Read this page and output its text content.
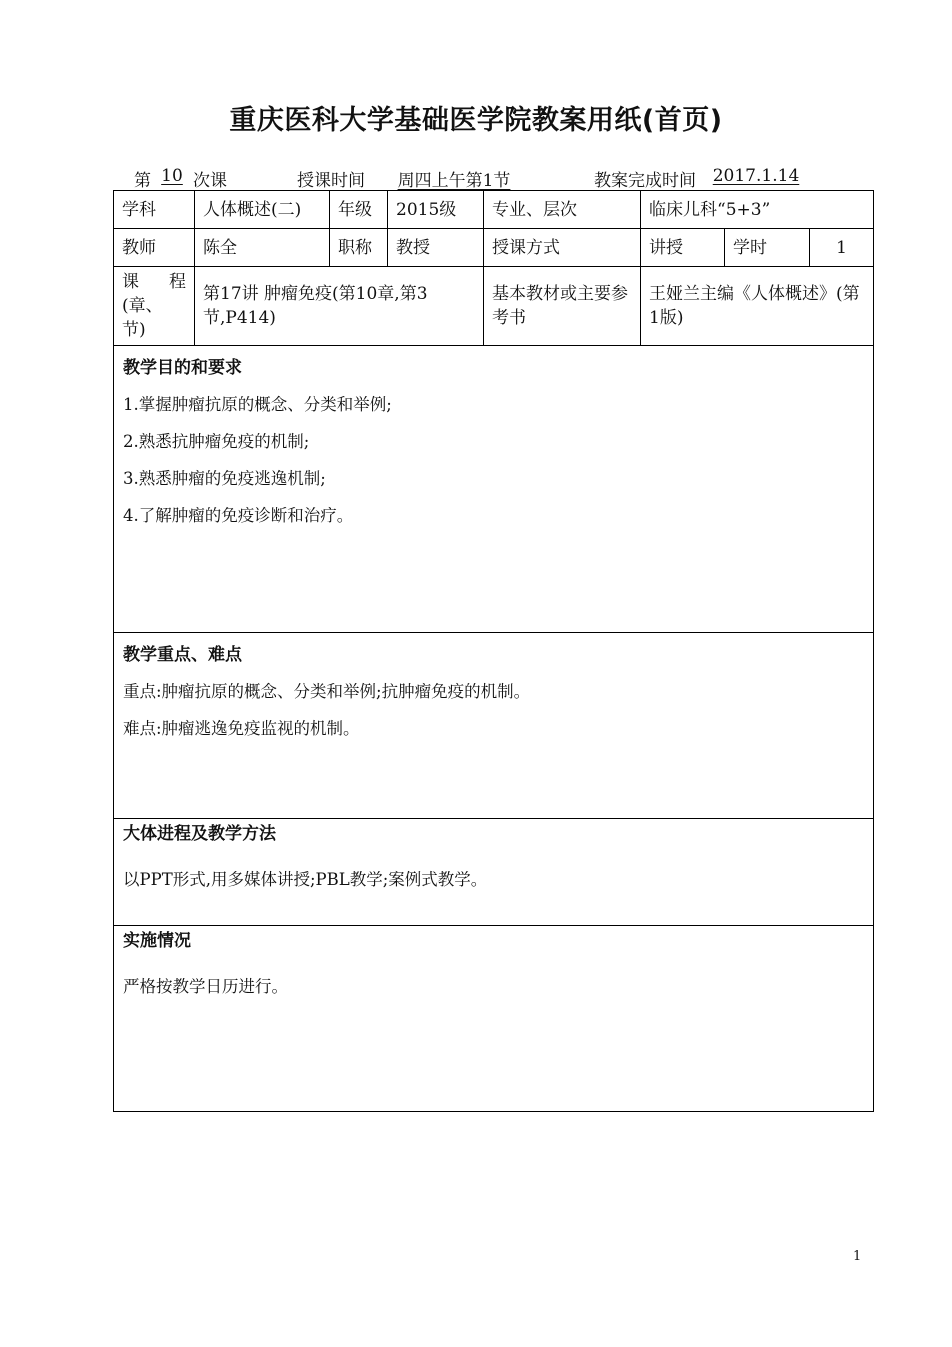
重庆医科大学基础医学院教案用纸(首页)
第 10 次课	授课时间	周四上午第1节	教案完成时间 2017.1.14
学科	人体概述(二)	年级	2015级	专业、层次	临床儿科“5+3”		
教师	陈全	职称	教授	授课方式	讲授	学时	1

课 程
(章、节)	第17讲 肿瘤免疫(第10章,第3节,P414)			基本教材或主要参考书	王娅兰主编《人体概述》(第1版)		

教学目的和要求
1.掌握肿瘤抗原的概念、分类和举例;
2.熟悉抗肿瘤免疫的机制;
3.熟悉肿瘤的免疫逃逸机制;
4.了解肿瘤的免疫诊断和治疗。							

教学重点、难点
重点:肿瘤抗原的概念、分类和举例;抗肿瘤免疫的机制。
难点:肿瘤逃逸免疫监视的机制。							

大体进程及教学方法
以PPT形式,用多媒体讲授;PBL教学;案例式教学。							

实施情况
严格按教学日历进行。							
1
